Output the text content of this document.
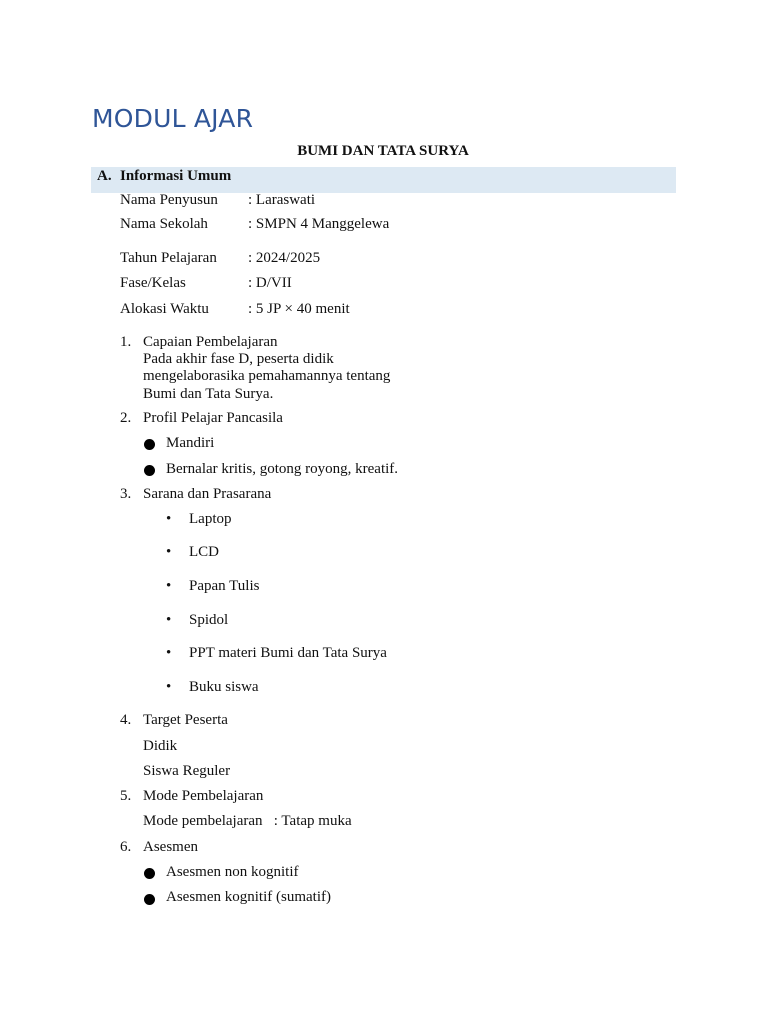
MODUL AJAR
BUMI DAN TATA SURYA
A. Informasi Umum
Nama Penyusun : Laraswati
Nama Sekolah	: SMPN 4 Manggelewa
Tahun Pelajaran : 2024/2025
Fase/Kelas	: D/VII
Alokasi Waktu	: 5 JP × 40 menit
1. Capaian Pembelajaran
Pada akhir fase D, peserta didik mengelaborasika pemahamannya tentang Bumi dan Tata Surya.
2. Profil Pelajar Pancasila
Mandiri
Bernalar kritis, gotong royong, kreatif.
3. Sarana dan Prasarana
• Laptop
• LCD
• Papan Tulis
• Spidol
• PPT materi Bumi dan Tata Surya
• Buku siswa
4. Target Peserta
Didik
Siswa Reguler
5. Mode Pembelajaran
Mode pembelajaran   : Tatap muka
6. Asesmen
Asesmen non kognitif
Asesmen kognitif (sumatif)
